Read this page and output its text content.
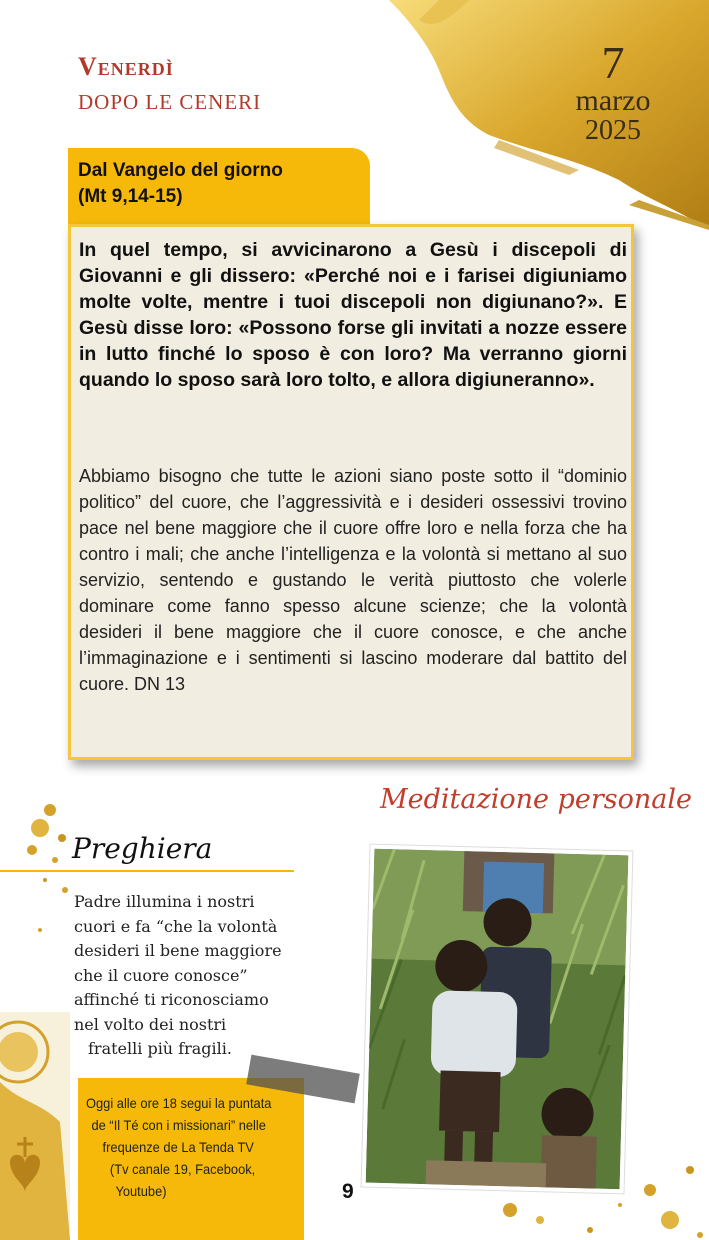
Venerdì
DOPO LE CENERI
7
marzo
2025
Dal Vangelo del giorno
(Mt 9,14-15)

In quel tempo, si avvicinarono a Gesù i discepoli di Giovanni e gli dissero: «Perché noi e i farisei digiuniamo molte volte, mentre i tuoi discepoli non digiunano?». E Gesù disse loro: «Possono forse gli invitati a nozze essere in lutto finché lo sposo è con loro? Ma verranno giorni quando lo sposo sarà loro tolto, e allora digiuneranno».

Abbiamo bisogno che tutte le azioni siano poste sotto il “dominio politico” del cuore, che l’aggressività e i desideri ossessivi trovino pace nel bene maggiore che il cuore offre loro e nella forza che ha contro i mali; che anche l’intelligenza e la volontà si mettano al suo servizio, sentendo e gustando le verità piuttosto che volerle dominare come fanno spesso alcune scienze; che la volontà desideri il bene maggiore che il cuore conosce, e che anche l’immaginazione e i sentimenti si lascino moderare dal battito del cuore. DN 13

Preghiera

Padre illumina i nostri
cuori e fa “che la volontà
desideri il bene maggiore
che il cuore conosce”
affinché ti riconosciamo
nel volto dei nostri
fratelli più fragili.

Oggi alle ore 18 segui la puntata
de “Il Té con i missionari” nelle
frequenze de La Tenda TV
(Tv canale 19, Facebook,
Youtube)
Meditazione personale
9
